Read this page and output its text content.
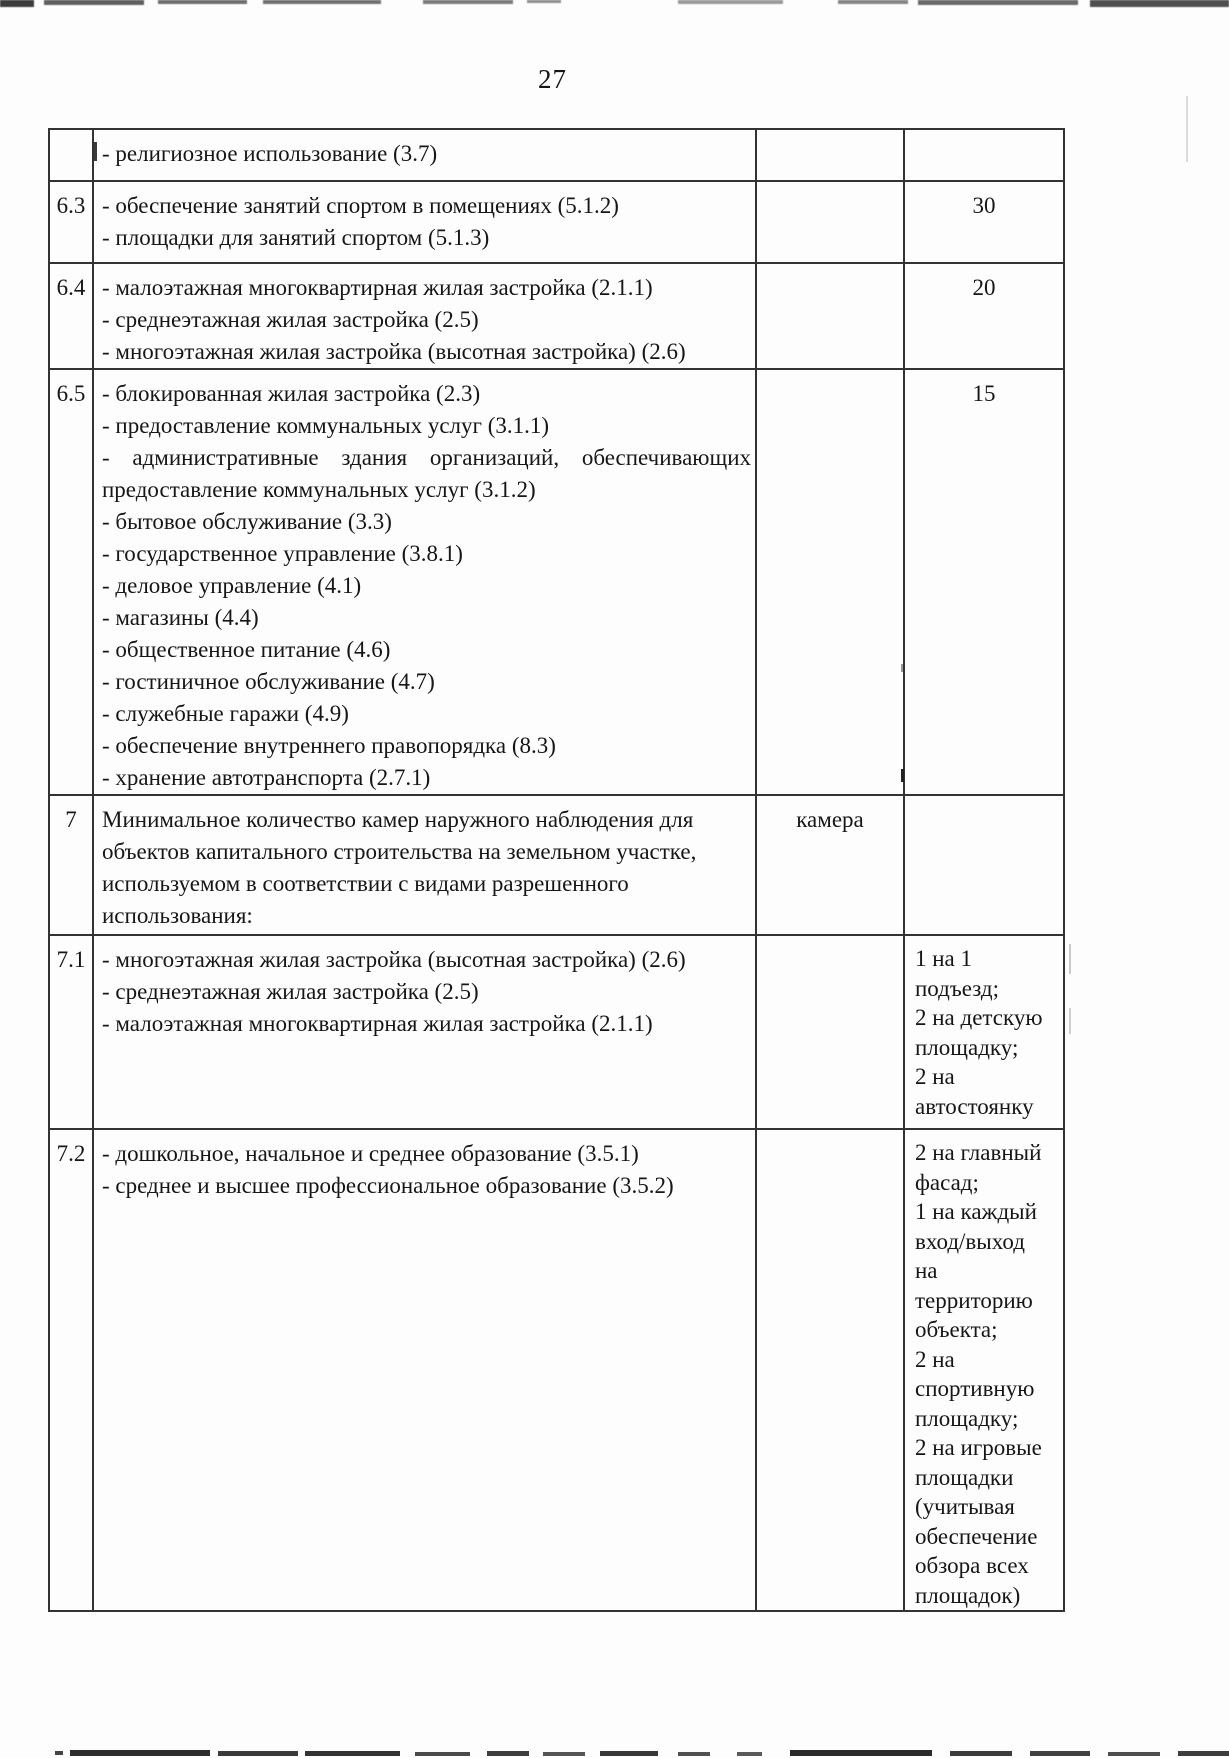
27

	- религиозное использование (3.7)		

6.3	- обеспечение занятий спортом в помещениях (5.1.2)
- площадки для занятий спортом (5.1.3)		30
6.4	- малоэтажная многоквартирная жилая застройка (2.1.1)
- среднеэтажная жилая застройка (2.5)
- многоэтажная жилая застройка (высотная застройка) (2.6)		20
6.5	- блокированная жилая застройка (2.3)
- предоставление коммунальных услуг (3.1.1)
- административные здания организаций, обеспечивающих предоставление коммунальных услуг (3.1.2)
- бытовое обслуживание (3.3)
- государственное управление (3.8.1)
- деловое управление (4.1)
- магазины (4.4)
- общественное питание (4.6)
- гостиничное обслуживание (4.7)
- служебные гаражи (4.9)
- обеспечение внутреннего правопорядка (8.3)
- хранение автотранспорта (2.7.1)
		15
7	Минимальное количество камер наружного наблюдения для объектов капитального строительства на земельном участке, используемом в соответствии с видами разрешенного использования:	камера	
7.1	- многоэтажная жилая застройка (высотная застройка) (2.6)
- среднеэтажная жилая застройка (2.5)
- малоэтажная многоквартирная жилая застройка (2.1.1)
		1 на 1
подъезд;
2 на детскую
площадку;
2 на
автостоянку
7.2	- дошкольное, начальное и среднее образование (3.5.1)
- среднее и высшее профессиональное образование (3.5.2)
		2 на главный
фасад;
1 на каждый
вход/выход
на
территорию
объекта;
2 на
спортивную
площадку;
2 на игровые
площадки
(учитывая
обеспечение
обзора всех
площадок)
